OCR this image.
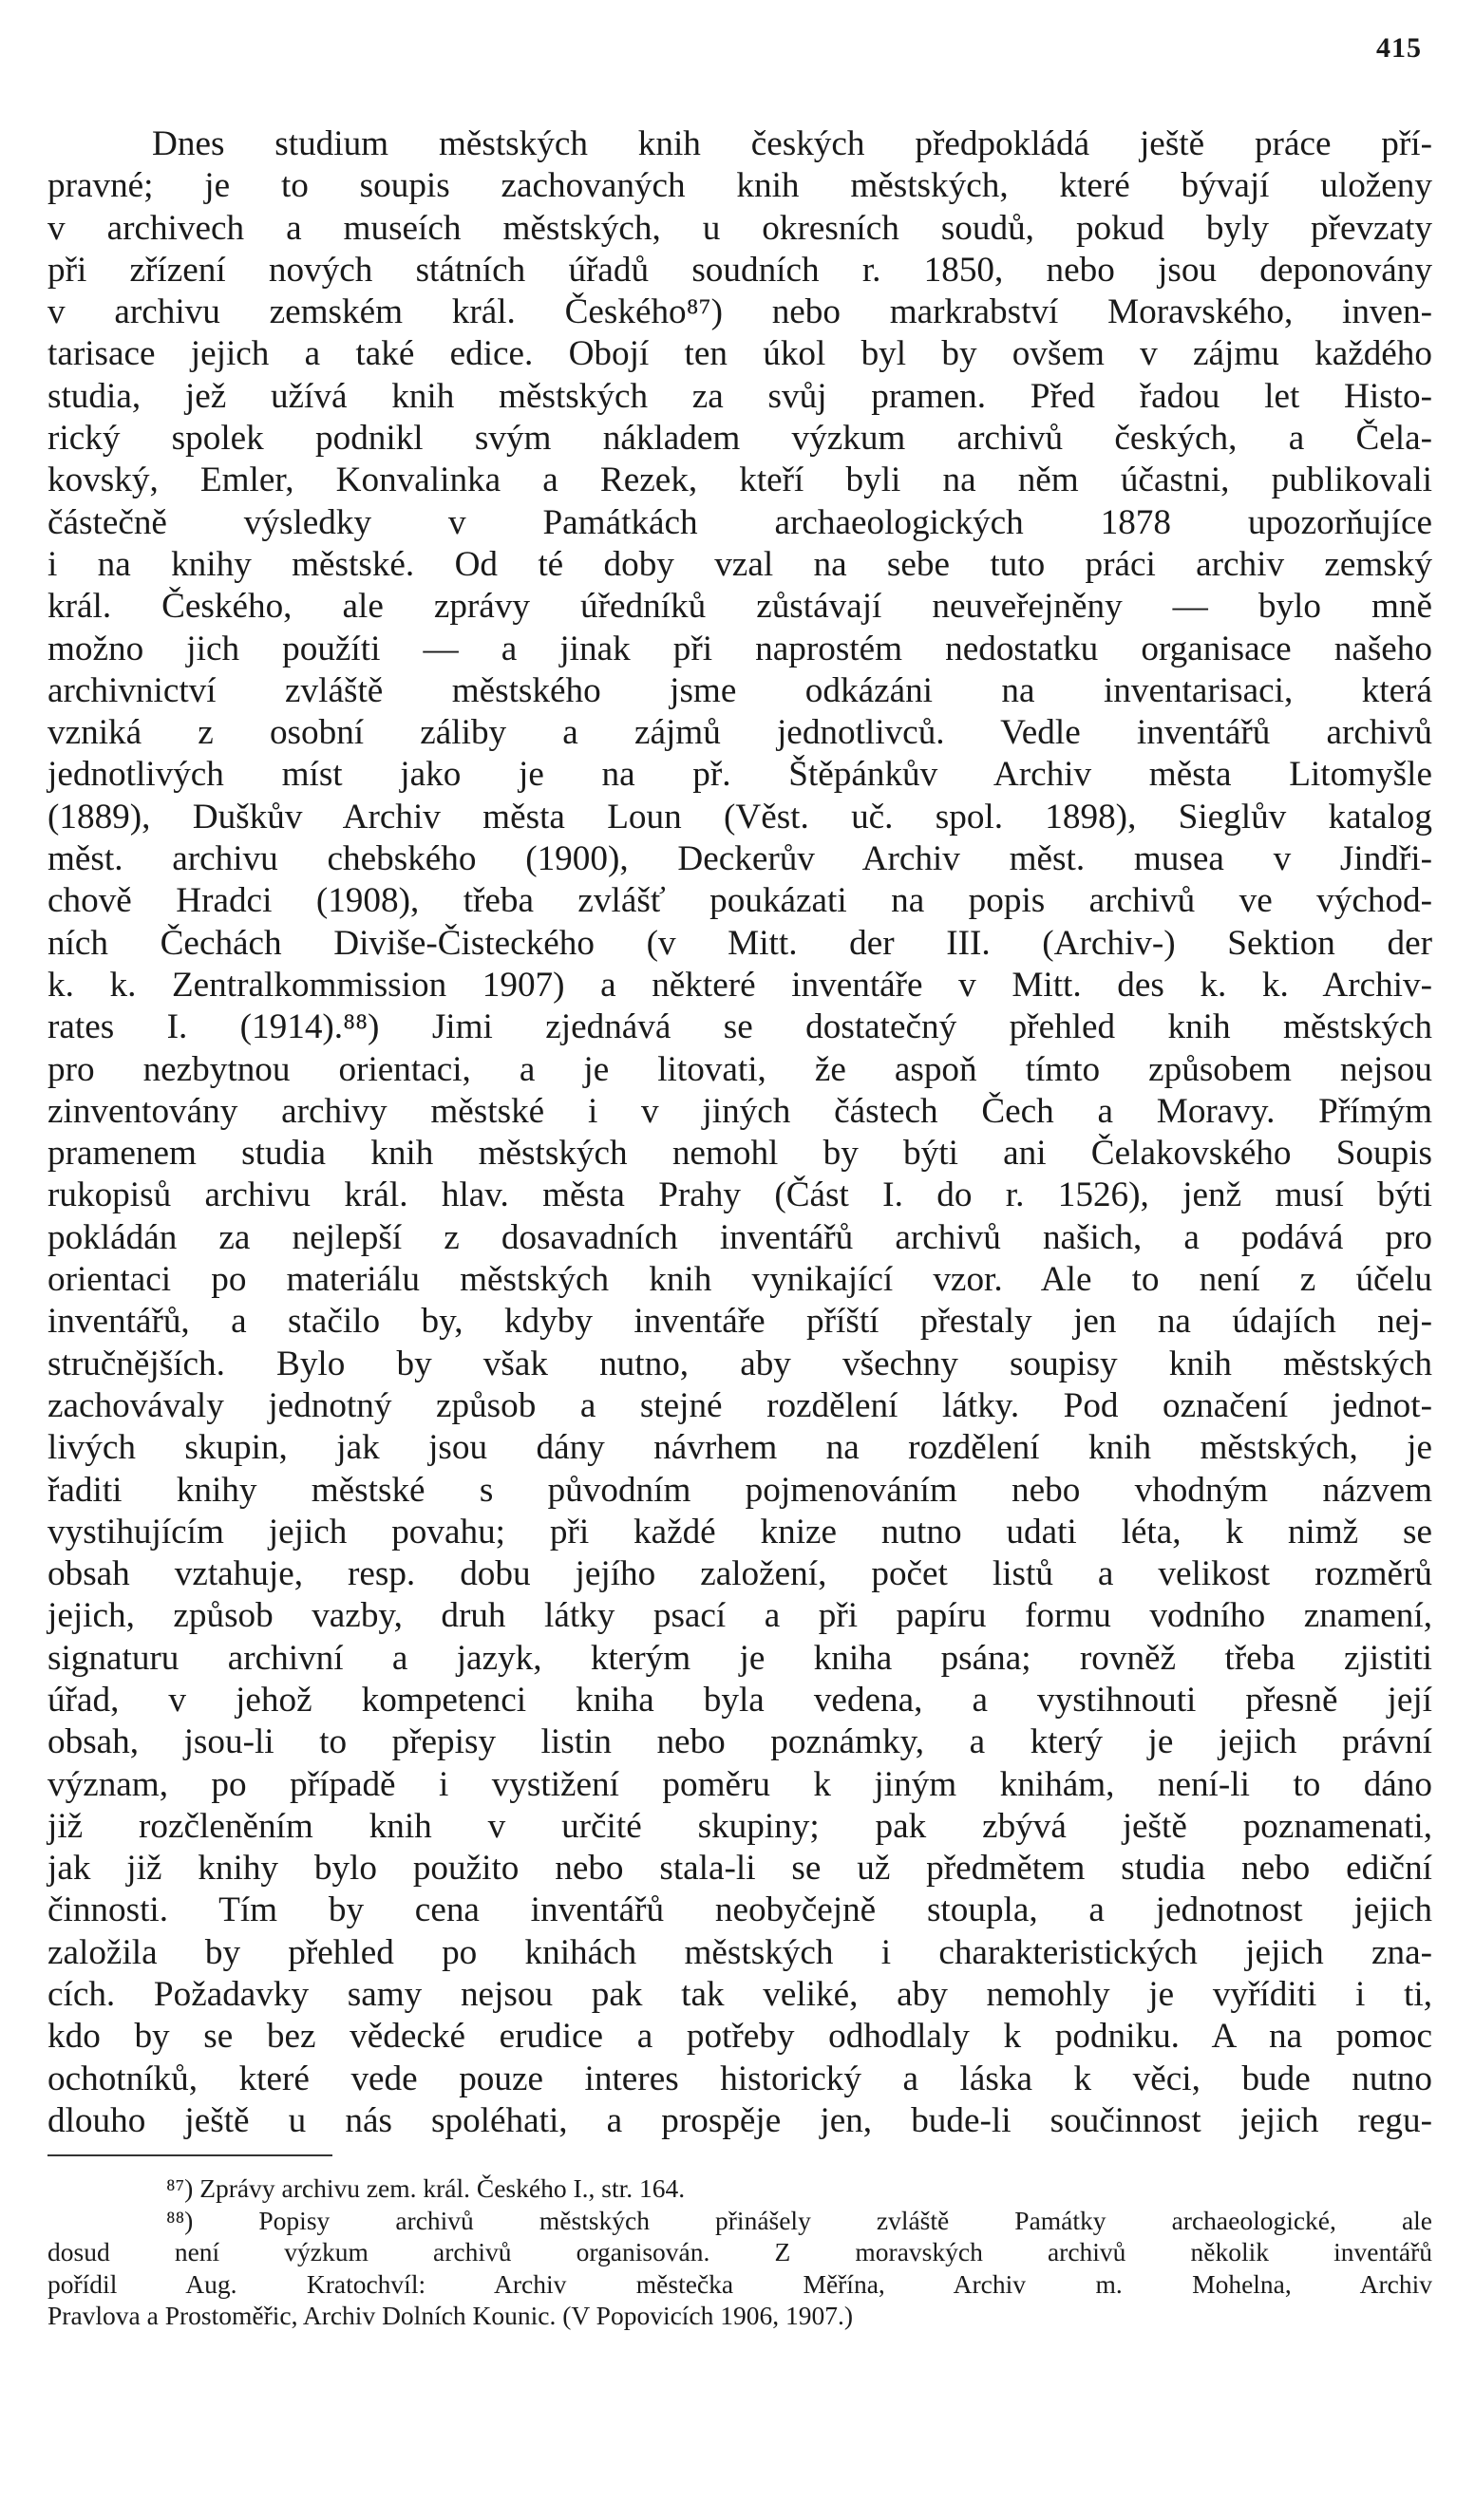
415
Dnes studium městských knih českých předpokládá ještě práce pří-
pravné; je to soupis zachovaných knih městských, které bývají uloženy
v archivech a museích městských, u okresních soudů, pokud byly převzaty
při zřízení nových státních úřadů soudních r. 1850, nebo jsou deponovány
v archivu zemském král. Českého⁸⁷) nebo markrabství Moravského, inven-
tarisace jejich a také edice. Obojí ten úkol byl by ovšem v zájmu každého
studia, jež užívá knih městských za svůj pramen. Před řadou let Histo-
rický spolek podnikl svým nákladem výzkum archivů českých, a Čela-
kovský, Emler, Konvalinka a Rezek, kteří byli na něm účastni, publikovali
částečně výsledky v Památkách archaeologických 1878 upozorňujíce
i na knihy městské. Od té doby vzal na sebe tuto práci archiv zemský
král. Českého, ale zprávy úředníků zůstávají neuveřejněny — bylo mně
možno jich použíti — a jinak při naprostém nedostatku organisace našeho
archivnictví zvláště městského jsme odkázáni na inventarisaci, která
vzniká z osobní záliby a zájmů jednotlivců. Vedle inventářů archivů
jednotlivých míst jako je na př. Štěpánkův Archiv města Litomyšle
(1889), Duškův Archiv města Loun (Věst. uč. spol. 1898), Sieglův katalog
měst. archivu chebského (1900), Deckerův Archiv měst. musea v Jindři-
chově Hradci (1908), třeba zvlášť poukázati na popis archivů ve východ-
ních Čechách Diviše-Čisteckého (v Mitt. der III. (Archiv-) Sektion der
k. k. Zentralkommission 1907) a některé inventáře v Mitt. des k. k. Archiv-
rates I. (1914).⁸⁸) Jimi zjednává se dostatečný přehled knih městských
pro nezbytnou orientaci, a je litovati, že aspoň tímto způsobem nejsou
zinventovány archivy městské i v jiných částech Čech a Moravy. Přímým
pramenem studia knih městských nemohl by býti ani Čelakovského Soupis
rukopisů archivu král. hlav. města Prahy (Část I. do r. 1526), jenž musí býti
pokládán za nejlepší z dosavadních inventářů archivů našich, a podává pro
orientaci po materiálu městských knih vynikající vzor. Ale to není z účelu
inventářů, a stačilo by, kdyby inventáře příští přestaly jen na údajích nej-
stručnějších. Bylo by však nutno, aby všechny soupisy knih městských
zachovávaly jednotný způsob a stejné rozdělení látky. Pod označení jednot-
livých skupin, jak jsou dány návrhem na rozdělení knih městských, je
řaditi knihy městské s původním pojmenováním nebo vhodným názvem
vystihujícím jejich povahu; při každé knize nutno udati léta, k nimž se
obsah vztahuje, resp. dobu jejího založení, počet listů a velikost rozměrů
jejich, způsob vazby, druh látky psací a při papíru formu vodního znamení,
signaturu archivní a jazyk, kterým je kniha psána; rovněž třeba zjistiti
úřad, v jehož kompetenci kniha byla vedena, a vystihnouti přesně její
obsah, jsou-li to přepisy listin nebo poznámky, a který je jejich právní
význam, po případě i vystižení poměru k jiným knihám, není-li to dáno
již rozčleněním knih v určité skupiny; pak zbývá ještě poznamenati,
jak již knihy bylo použito nebo stala-li se už předmětem studia nebo ediční
činnosti. Tím by cena inventářů neobyčejně stoupla, a jednotnost jejich
založila by přehled po knihách městských i charakteristických jejich zna-
cích. Požadavky samy nejsou pak tak veliké, aby nemohly je vyříditi i ti,
kdo by se bez vědecké erudice a potřeby odhodlaly k podniku. A na pomoc
ochotníků, které vede pouze interes historický a láska k věci, bude nutno
dlouho ještě u nás spoléhati, a prospěje jen, bude-li součinnost jejich regu-
⁸⁷) Zprávy archivu zem. král. Českého I., str. 164.
⁸⁸) Popisy archivů městských přinášely zvláště Památky archaeologické, ale
dosud není výzkum archivů organisován. Z moravských archivů několik inventářů
pořídil Aug. Kratochvíl: Archiv městečka Měřína, Archiv m. Mohelna, Archiv
Pravlova a Prostoměřic, Archiv Dolních Kounic. (V Popovicích 1906, 1907.)
